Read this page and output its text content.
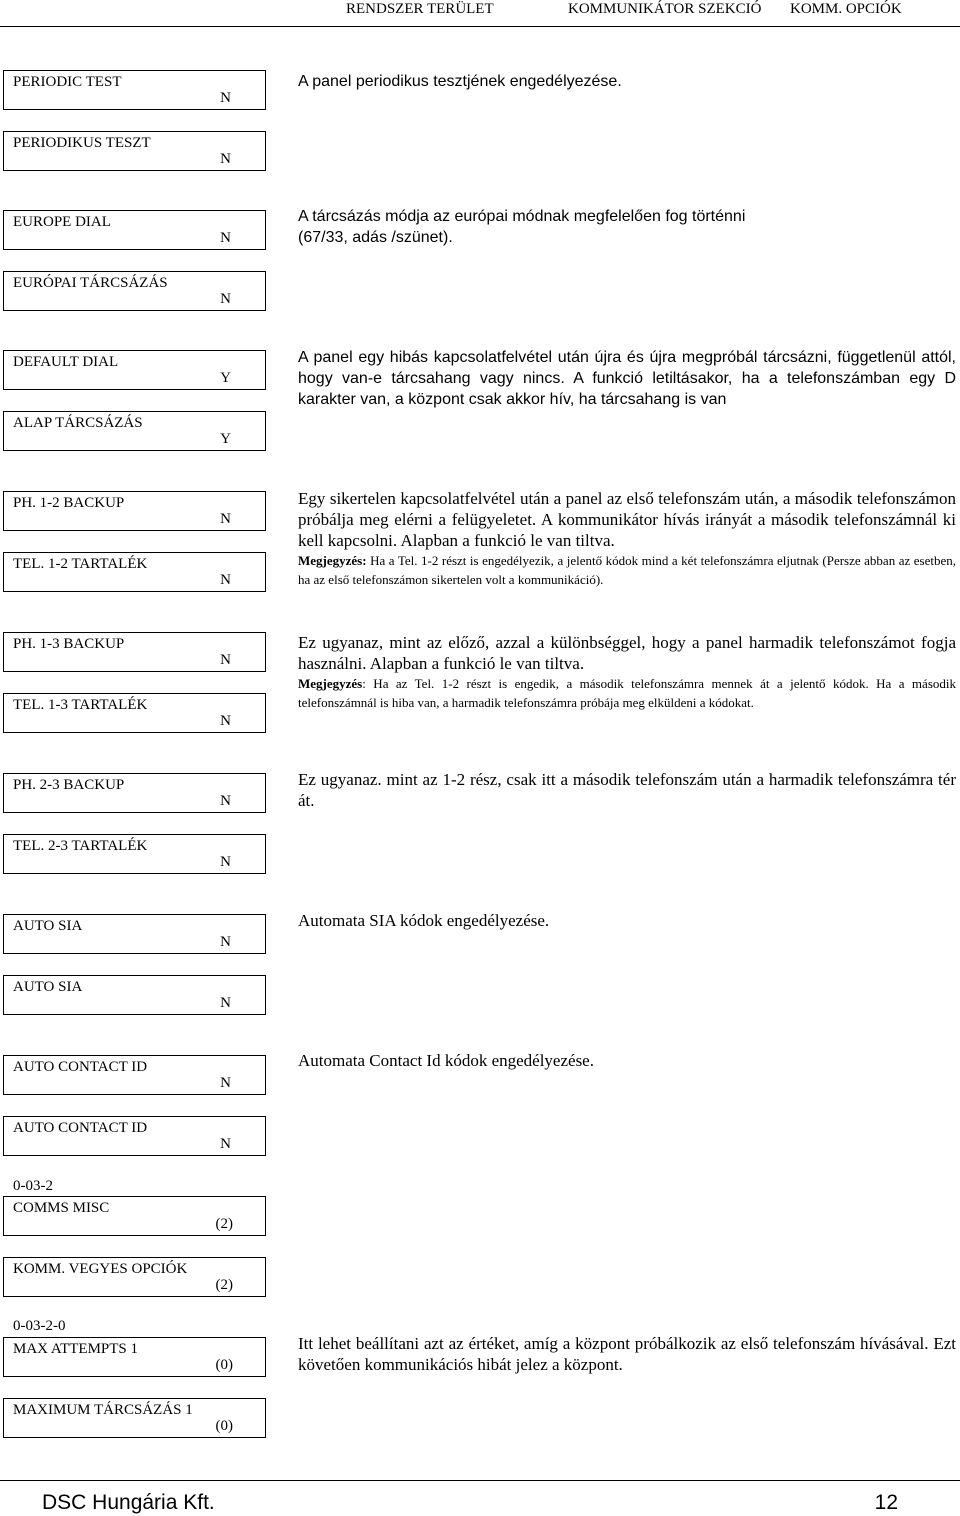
RENDSZER TERÜLET	KOMMUNIKÁTOR SZEKCIÓ KOMM. OPCIÓK
PERIODIC TEST
N
PERIODIKUS TESZT
N
A panel periodikus tesztjének engedélyezése.
EUROPE DIAL
N
EURÓPAI TÁRCSÁZÁS
N
A tárcsázás módja az európai módnak megfelelően fog történni (67/33, adás /szünet).
DEFAULT DIAL
Y
ALAP TÁRCSÁZÁS
Y
A panel egy hibás kapcsolatfelvétel után újra és újra megpróbál tárcsázni, függetlenül attól, hogy van-e tárcsahang vagy nincs. A funkció letiltásakor, ha a telefonszámban egy D karakter van, a központ csak akkor hív, ha tárcsahang is van
PH. 1-2 BACKUP
N
TEL. 1-2 TARTALÉK
N
Egy sikertelen kapcsolatfelvétel után a panel az első telefonszám után, a második telefonszámon próbálja meg elérni a felügyeletet. A kommunikátor hívás irányát a második telefonszámnál ki kell kapcsolni. Alapban a funkció le van tiltva.
Megjegyzés: Ha a Tel. 1-2 részt is engedélyezik, a jelentő kódok mind a két telefonszámra eljutnak (Persze abban az esetben, ha az első telefonszámon sikertelen volt a kommunikáció).
PH. 1-3 BACKUP
N
TEL. 1-3 TARTALÉK
N
Ez ugyanaz, mint az előző, azzal a különbséggel, hogy a panel harmadik telefonszámot fogja használni. Alapban a funkció le van tiltva.
Megjegyzés: Ha az Tel. 1-2 részt is engedik, a második telefonszámra mennek át a jelentő kódok. Ha a második telefonszámnál is hiba van, a harmadik telefonszámra próbája meg elküldeni a kódokat.
PH. 2-3 BACKUP
N
TEL. 2-3 TARTALÉK
N
Ez ugyanaz. mint az 1-2 rész, csak itt a második telefonszám után a harmadik telefonszámra tér át.
AUTO SIA
N
AUTO SIA
N
Automata SIA kódok engedélyezése.
AUTO CONTACT ID
N
AUTO CONTACT ID
N
Automata Contact Id kódok engedélyezése.
0-03-2
COMMS MISC
(2)
KOMM. VEGYES OPCIÓK
(2)
0-03-2-0
MAX ATTEMPTS 1
(0)
MAXIMUM TÁRCSÁZÁS 1
(0)
Itt lehet beállítani azt az értéket, amíg a központ próbálkozik az első telefonszám hívásával. Ezt követően kommunikációs hibát jelez a központ.
DSC Hungária Kft.	12
